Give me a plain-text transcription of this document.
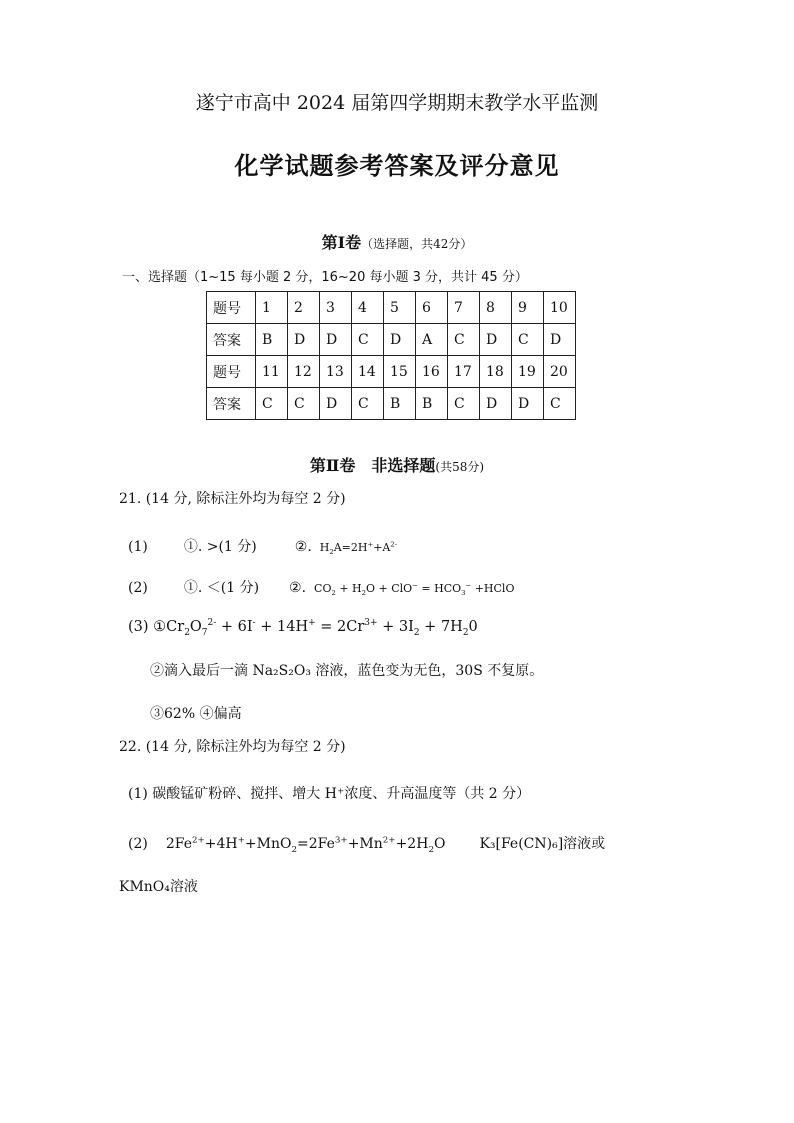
遂宁市高中 2024 届第四学期期末教学水平监测
化学试题参考答案及评分意见
第Ⅰ卷（选择题，共42分）
一、选择题（1~15 每小题 2 分，16~20 每小题 3 分，共计 45 分）
题号	1	2	3	4	5	6	7	8	9	10
答案	B	D	D	C	D	A	C	D	C	D
题号	11	12	13	14	15	16	17	18	19	20
答案	C	C	D	C	B	B	C	D	D	C
第Ⅱ卷　非选择题(共58分)
21. (14 分, 除标注外均为每空 2 分)
(1)	①. >(1 分)	②. $H_2A=2H^++A^{2-}$
(2)	①. ＜(1 分) ②. $CO_2 + H_2O + ClO^- = HCO_3^-$ +HClO
(3) $①Cr_2O_7^{2-} + 6I^- + 14H^+ = 2Cr^{3+} + 3I_2 + 7H_20$
②滴入最后一滴 Na₂S₂O₃ 溶液，蓝色变为无色，30S 不复原。
③62% ④偏高
22. (14 分, 除标注外均为每空 2 分)
(1) 碳酸锰矿粉碎、搅拌、增大 H⁺浓度、升高温度等（共 2 分）
(2) $2Fe^{2+}+4H^++MnO_2=2Fe^{3+}+Mn^{2+}+2H_2O$ K₃[Fe(CN)₆]溶液或
KMnO₄溶液
